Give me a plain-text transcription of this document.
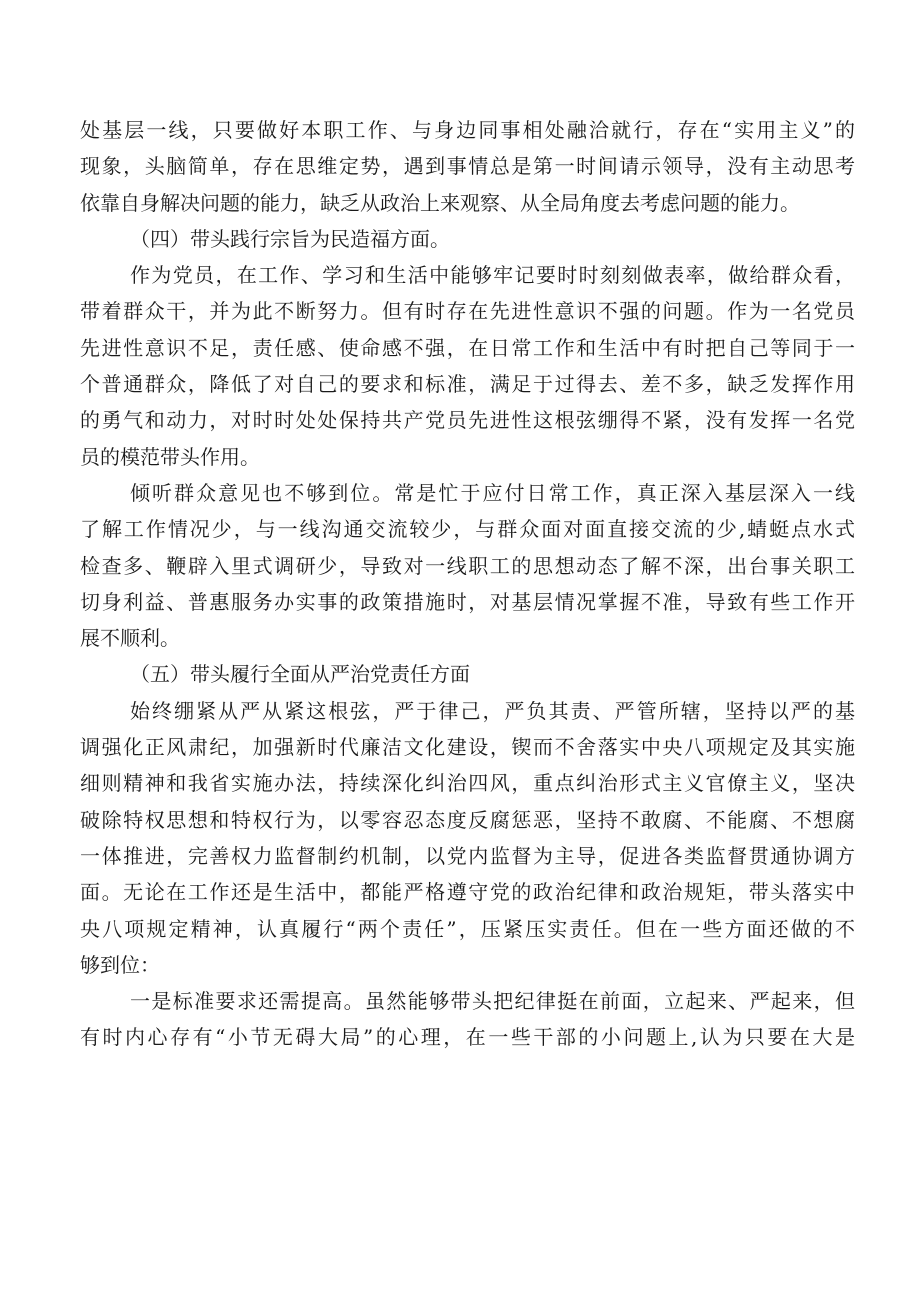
处基层一线，只要做好本职工作、与身边同事相处融洽就行，存在“实用主义”的
现象，头脑简单，存在思维定势，遇到事情总是第一时间请示领导，没有主动思考
依靠自身解决问题的能力，缺乏从政治上来观察、从全局角度去考虑问题的能力。
（四）带头践行宗旨为民造福方面。
作为党员，在工作、学习和生活中能够牢记要时时刻刻做表率，做给群众看，
带着群众干，并为此不断努力。但有时存在先进性意识不强的问题。作为一名党员
先进性意识不足，责任感、使命感不强，在日常工作和生活中有时把自己等同于一
个普通群众，降低了对自己的要求和标准，满足于过得去、差不多，缺乏发挥作用
的勇气和动力，对时时处处保持共产党员先进性这根弦绷得不紧，没有发挥一名党
员的模范带头作用。
倾听群众意见也不够到位。常是忙于应付日常工作，真正深入基层深入一线
了解工作情况少，与一线沟通交流较少，与群众面对面直接交流的少,蜻蜓点水式
检查多、鞭辟入里式调研少，导致对一线职工的思想动态了解不深，出台事关职工
切身利益、普惠服务办实事的政策措施时，对基层情况掌握不准，导致有些工作开
展不顺利。
（五）带头履行全面从严治党责任方面
始终绷紧从严从紧这根弦，严于律己，严负其责、严管所辖，坚持以严的基
调强化正风肃纪，加强新时代廉洁文化建设，锲而不舍落实中央八项规定及其实施
细则精神和我省实施办法，持续深化纠治四风，重点纠治形式主义官僚主义，坚决
破除特权思想和特权行为，以零容忍态度反腐惩恶，坚持不敢腐、不能腐、不想腐
一体推进，完善权力监督制约机制，以党内监督为主导，促进各类监督贯通协调方
面。无论在工作还是生活中，都能严格遵守党的政治纪律和政治规矩，带头落实中
央八项规定精神，认真履行“两个责任”，压紧压实责任。但在一些方面还做的不
够到位：
一是标准要求还需提高。虽然能够带头把纪律挺在前面，立起来、严起来，但
有时内心存有“小节无碍大局”的心理，在一些干部的小问题上,认为只要在大是
